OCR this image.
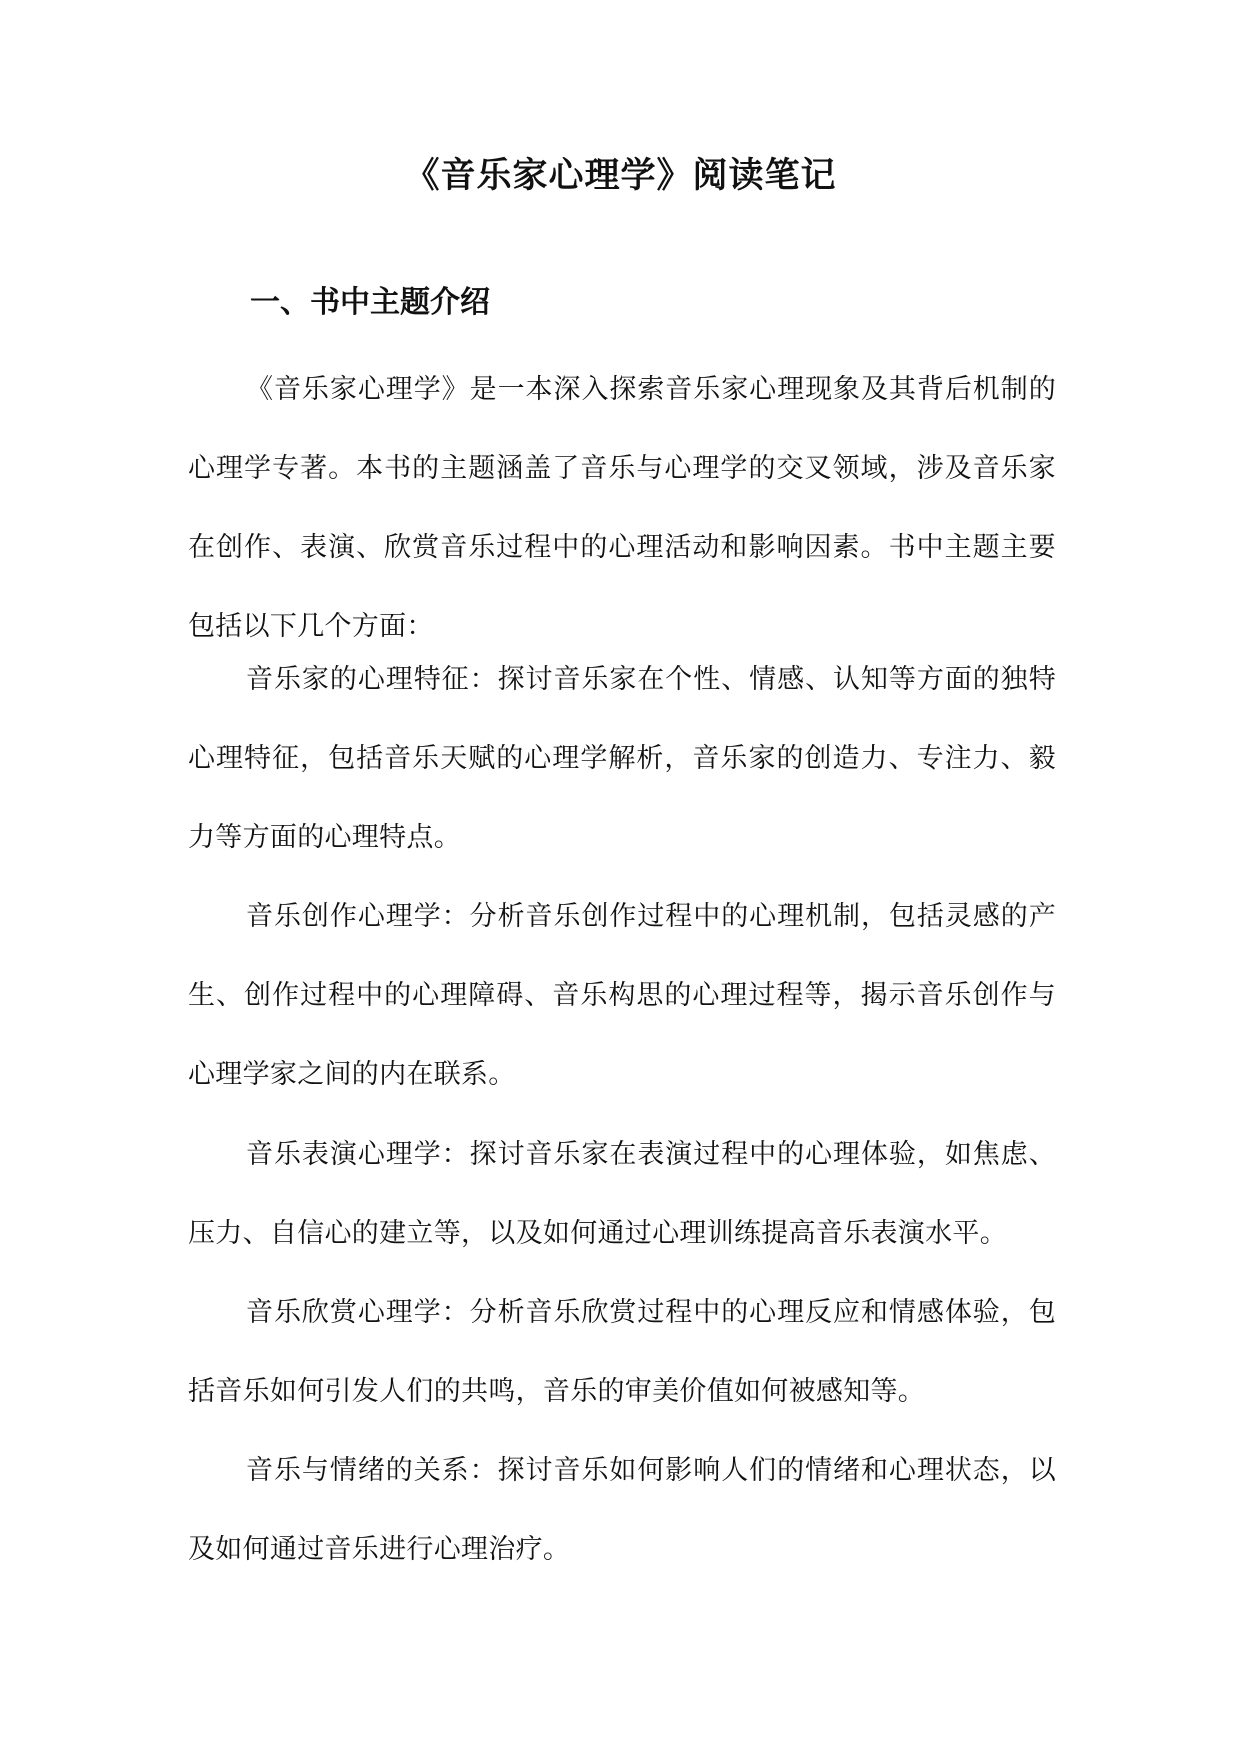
《音乐家心理学》阅读笔记
一、书中主题介绍

《音乐家心理学》是一本深入探索音乐家心理现象及其背后机制的心理学专著。本书的主题涵盖了音乐与心理学的交叉领域，涉及音乐家在创作、表演、欣赏音乐过程中的心理活动和影响因素。书中主题主要包括以下几个方面：

音乐家的心理特征：探讨音乐家在个性、情感、认知等方面的独特心理特征，包括音乐天赋的心理学解析，音乐家的创造力、专注力、毅力等方面的心理特点。

音乐创作心理学：分析音乐创作过程中的心理机制，包括灵感的产生、创作过程中的心理障碍、音乐构思的心理过程等，揭示音乐创作与心理学家之间的内在联系。

音乐表演心理学：探讨音乐家在表演过程中的心理体验，如焦虑、压力、自信心的建立等，以及如何通过心理训练提高音乐表演水平。

音乐欣赏心理学：分析音乐欣赏过程中的心理反应和情感体验，包括音乐如何引发人们的共鸣，音乐的审美价值如何被感知等。

音乐与情绪的关系：探讨音乐如何影响人们的情绪和心理状态，以及如何通过音乐进行心理治疗。
